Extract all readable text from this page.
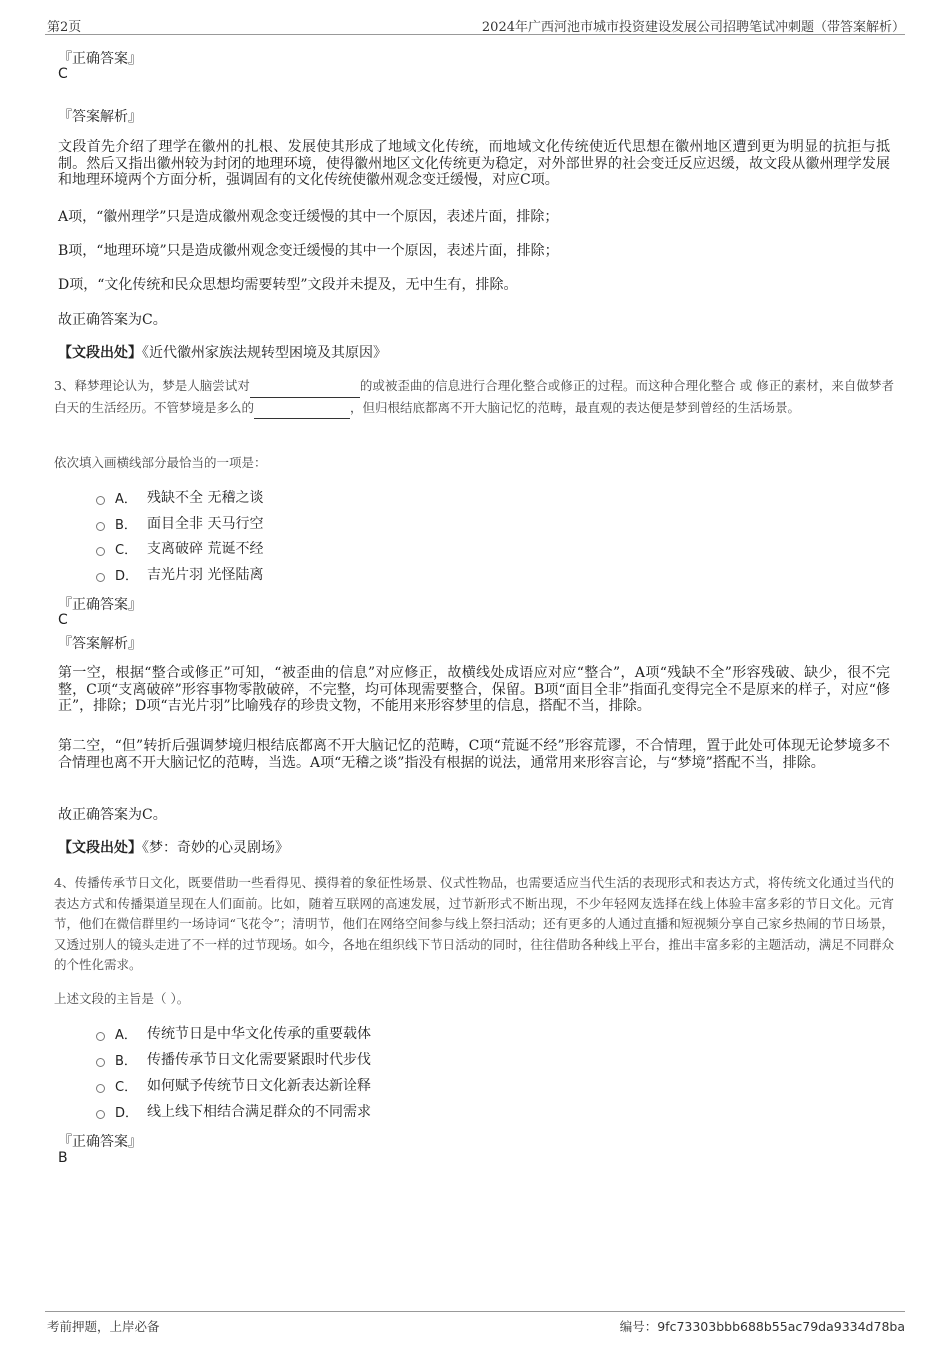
第2页	2024年广西河池市城市投资建设发展公司招聘笔试冲刺题（带答案解析）
『正确答案』
C
『答案解析』
文段首先介绍了理学在徽州的扎根、发展使其形成了地域文化传统，而地域文化传统使近代思想在徽州地区遭到更为明显的抗拒与抵制。然后又指出徽州较为封闭的地理环境，使得徽州地区文化传统更为稳定，对外部世界的社会变迁反应迟缓，故文段从徽州理学发展和地理环境两个方面分析，强调固有的文化传统使徽州观念变迁缓慢，对应C项。
A项，“徽州理学”只是造成徽州观念变迁缓慢的其中一个原因，表述片面，排除；
B项，“地理环境”只是造成徽州观念变迁缓慢的其中一个原因，表述片面，排除；
D项，“文化传统和民众思想均需要转型”文段并未提及，无中生有，排除。
故正确答案为C。
【文段出处】《近代徽州家族法规转型困境及其原因》
3、释梦理论认为，梦是人脑尝试对	的或被歪曲的信息进行合理化整合或修正的过程。而这种合理化整合 或 修正的素材，来自做梦者白天的生活经历。不管梦境是多么的	，但归根结底都离不开大脑记忆的范畴，最直观的表达便是梦到曾经的生活场景。
依次填入画横线部分最恰当的一项是：
A． 残缺不全 无稽之谈
B． 面目全非 天马行空
C． 支离破碎 荒诞不经
D． 吉光片羽 光怪陆离
『正确答案』
C
『答案解析』
第一空，根据“整合或修正”可知，“被歪曲的信息”对应修正，故横线处成语应对应“整合”，A项“残缺不全”形容残破、缺少，很不完整，C项“支离破碎”形容事物零散破碎，不完整，均可体现需要整合，保留。B项“面目全非”指面孔变得完全不是原来的样子，对应“修正”，排除；D项“吉光片羽”比喻残存的珍贵文物，不能用来形容梦里的信息，搭配不当，排除。
第二空，“但”转折后强调梦境归根结底都离不开大脑记忆的范畴，C项“荒诞不经”形容荒谬，不合情理，置于此处可体现无论梦境多不合情理也离不开大脑记忆的范畴，当选。A项“无稽之谈”指没有根据的说法，通常用来形容言论，与“梦境”搭配不当，排除。
故正确答案为C。
【文段出处】《梦：奇妙的心灵剧场》
4、传播传承节日文化，既要借助一些看得见、摸得着的象征性场景、仪式性物品，也需要适应当代生活的表现形式和表达方式，将传统文化通过当代的表达方式和传播渠道呈现在人们面前。比如，随着互联网的高速发展，过节新形式不断出现，不少年轻网友选择在线上体验丰富多彩的节日文化。元宵节，他们在微信群里约一场诗词“飞花令”；清明节，他们在网络空间参与线上祭扫活动；还有更多的人通过直播和短视频分享自己家乡热闹的节日场景，又透过别人的镜头走进了不一样的过节现场。如今，各地在组织线下节日活动的同时，往往借助各种线上平台，推出丰富多彩的主题活动，满足不同群众的个性化需求。
上述文段的主旨是（ ）。
A． 传统节日是中华文化传承的重要载体
B． 传播传承节日文化需要紧跟时代步伐
C． 如何赋予传统节日文化新表达新诠释
D． 线上线下相结合满足群众的不同需求
『正确答案』
B
考前押题，上岸必备	编号：9fc73303bbb688b55ac79da9334d78ba
